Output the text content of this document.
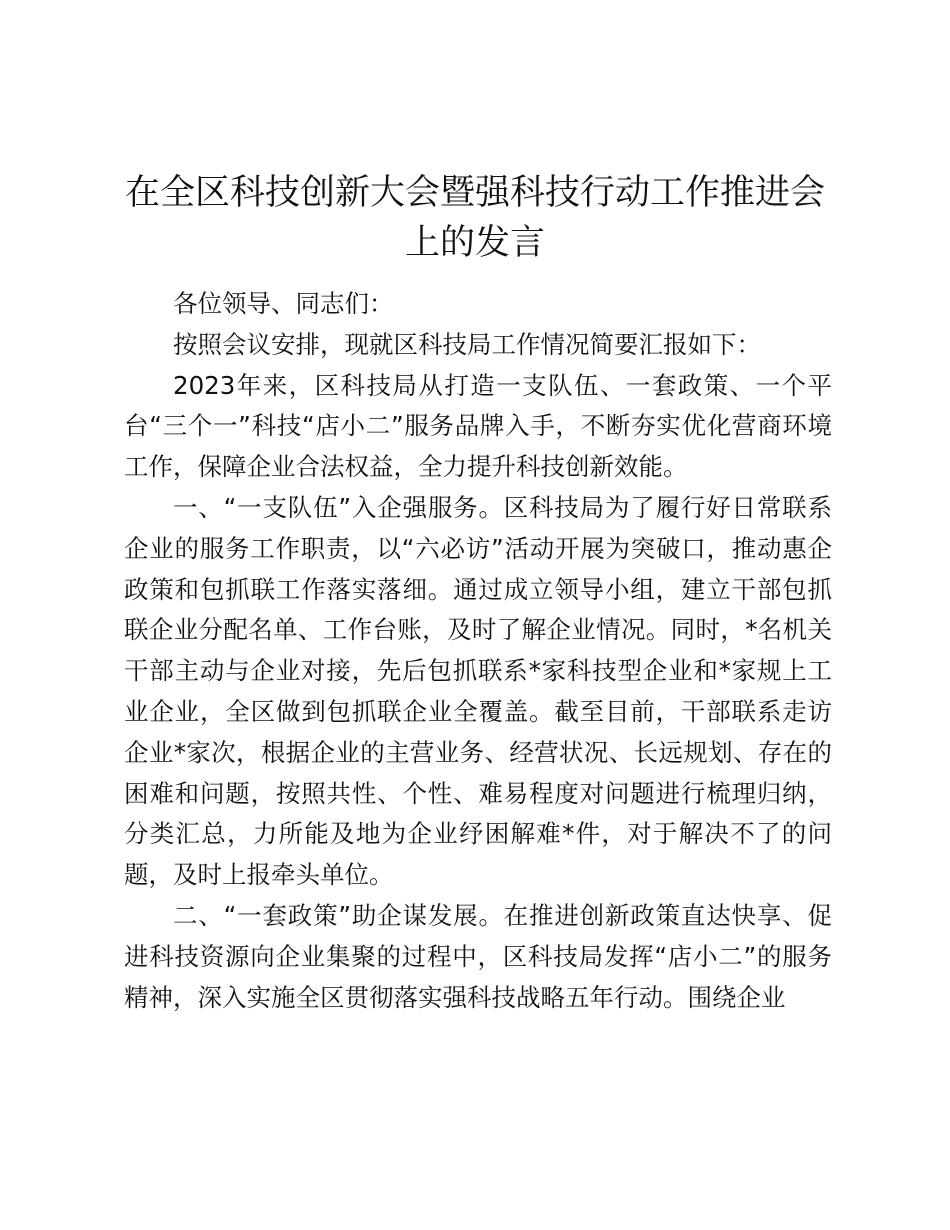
在全区科技创新大会暨强科技行动工作推进会上的发言

各位领导、同志们：

按照会议安排，现就区科技局工作情况简要汇报如下：

2023年来，区科技局从打造一支队伍、一套政策、一个平台“三个一”科技“店小二”服务品牌入手，不断夯实优化营商环境工作，保障企业合法权益，全力提升科技创新效能。

一、“一支队伍”入企强服务。区科技局为了履行好日常联系企业的服务工作职责，以“六必访”活动开展为突破口，推动惠企政策和包抓联工作落实落细。通过成立领导小组，建立干部包抓联企业分配名单、工作台账，及时了解企业情况。同时，*名机关干部主动与企业对接，先后包抓联系*家科技型企业和*家规上工业企业，全区做到包抓联企业全覆盖。截至目前，干部联系走访企业*家次，根据企业的主营业务、经营状况、长远规划、存在的困难和问题，按照共性、个性、难易程度对问题进行梳理归纳，分类汇总，力所能及地为企业纾困解难*件，对于解决不了的问题，及时上报牵头单位。

二、“一套政策”助企谋发展。在推进创新政策直达快享、促进科技资源向企业集聚的过程中，区科技局发挥“店小二”的服务精神，深入实施全区贯彻落实强科技战略五年行动。围绕企业
